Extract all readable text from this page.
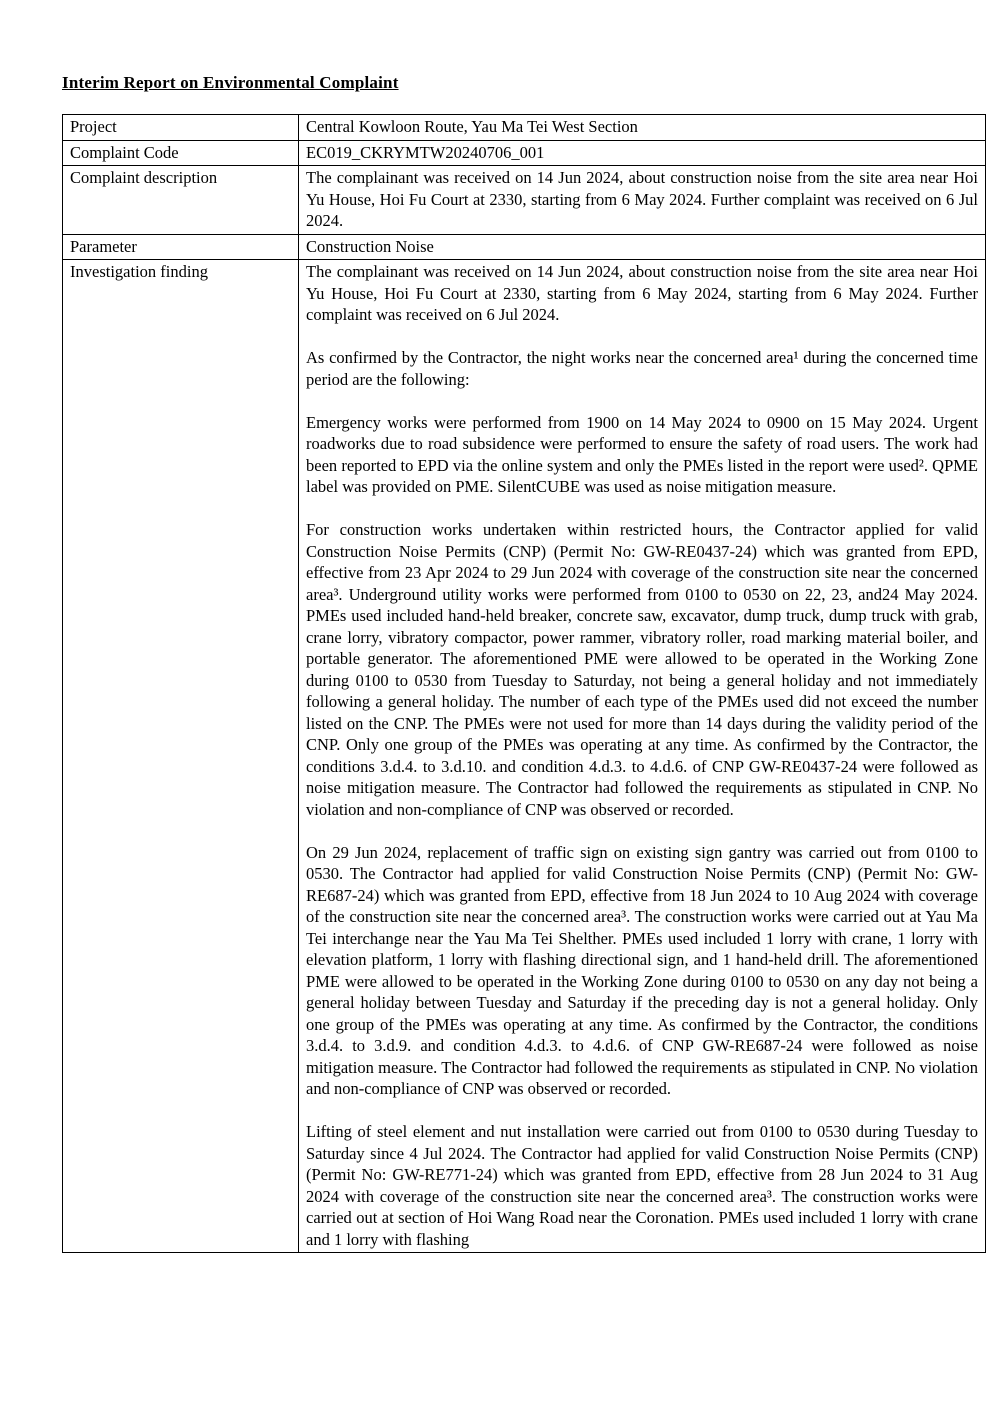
Interim Report on Environmental Complaint
Project	Central Kowloon Route, Yau Ma Tei West Section
Complaint Code	EC019_CKRYMTW20240706_001
Complaint description	The complainant was received on 14 Jun 2024, about construction noise from the site area near Hoi Yu House, Hoi Fu Court at 2330, starting from 6 May 2024. Further complaint was received on 6 Jul 2024.
Parameter	Construction Noise
Investigation finding	The complainant was received on 14 Jun 2024, about construction noise from the site area near Hoi Yu House, Hoi Fu Court at 2330, starting from 6 May 2024, starting from 6 May 2024. Further complaint was received on 6 Jul 2024.

As confirmed by the Contractor, the night works near the concerned area¹ during the concerned time period are the following:

Emergency works were performed from 1900 on 14 May 2024 to 0900 on 15 May 2024. Urgent roadworks due to road subsidence were performed to ensure the safety of road users. The work had been reported to EPD via the online system and only the PMEs listed in the report were used². QPME label was provided on PME. SilentCUBE was used as noise mitigation measure.

For construction works undertaken within restricted hours, the Contractor applied for valid Construction Noise Permits (CNP) (Permit No: GW-RE0437-24) which was granted from EPD, effective from 23 Apr 2024 to 29 Jun 2024 with coverage of the construction site near the concerned area³. Underground utility works were performed from 0100 to 0530 on 22, 23, and24 May 2024. PMEs used included hand-held breaker, concrete saw, excavator, dump truck, dump truck with grab, crane lorry, vibratory compactor, power rammer, vibratory roller, road marking material boiler, and portable generator. The aforementioned PME were allowed to be operated in the Working Zone during 0100 to 0530 from Tuesday to Saturday, not being a general holiday and not immediately following a general holiday. The number of each type of the PMEs used did not exceed the number listed on the CNP. The PMEs were not used for more than 14 days during the validity period of the CNP. Only one group of the PMEs was operating at any time. As confirmed by the Contractor, the conditions 3.d.4. to 3.d.10. and condition 4.d.3. to 4.d.6. of CNP GW-RE0437-24 were followed as noise mitigation measure. The Contractor had followed the requirements as stipulated in CNP. No violation and non-compliance of CNP was observed or recorded.

On 29 Jun 2024, replacement of traffic sign on existing sign gantry was carried out from 0100 to 0530. The Contractor had applied for valid Construction Noise Permits (CNP) (Permit No: GW-RE687-24) which was granted from EPD, effective from 18 Jun 2024 to 10 Aug 2024 with coverage of the construction site near the concerned area³. The construction works were carried out at Yau Ma Tei interchange near the Yau Ma Tei Shelther. PMEs used included 1 lorry with crane, 1 lorry with elevation platform, 1 lorry with flashing directional sign, and 1 hand-held drill. The aforementioned PME were allowed to be operated in the Working Zone during 0100 to 0530 on any day not being a general holiday between Tuesday and Saturday if the preceding day is not a general holiday. Only one group of the PMEs was operating at any time. As confirmed by the Contractor, the conditions 3.d.4. to 3.d.9. and condition 4.d.3. to 4.d.6. of CNP GW-RE687-24 were followed as noise mitigation measure. The Contractor had followed the requirements as stipulated in CNP. No violation and non-compliance of CNP was observed or recorded.

Lifting of steel element and nut installation were carried out from 0100 to 0530 during Tuesday to Saturday since 4 Jul 2024. The Contractor had applied for valid Construction Noise Permits (CNP) (Permit No: GW-RE771-24) which was granted from EPD, effective from 28 Jun 2024 to 31 Aug 2024 with coverage of the construction site near the concerned area³. The construction works were carried out at section of Hoi Wang Road near the Coronation. PMEs used included 1 lorry with crane and 1 lorry with flashing
